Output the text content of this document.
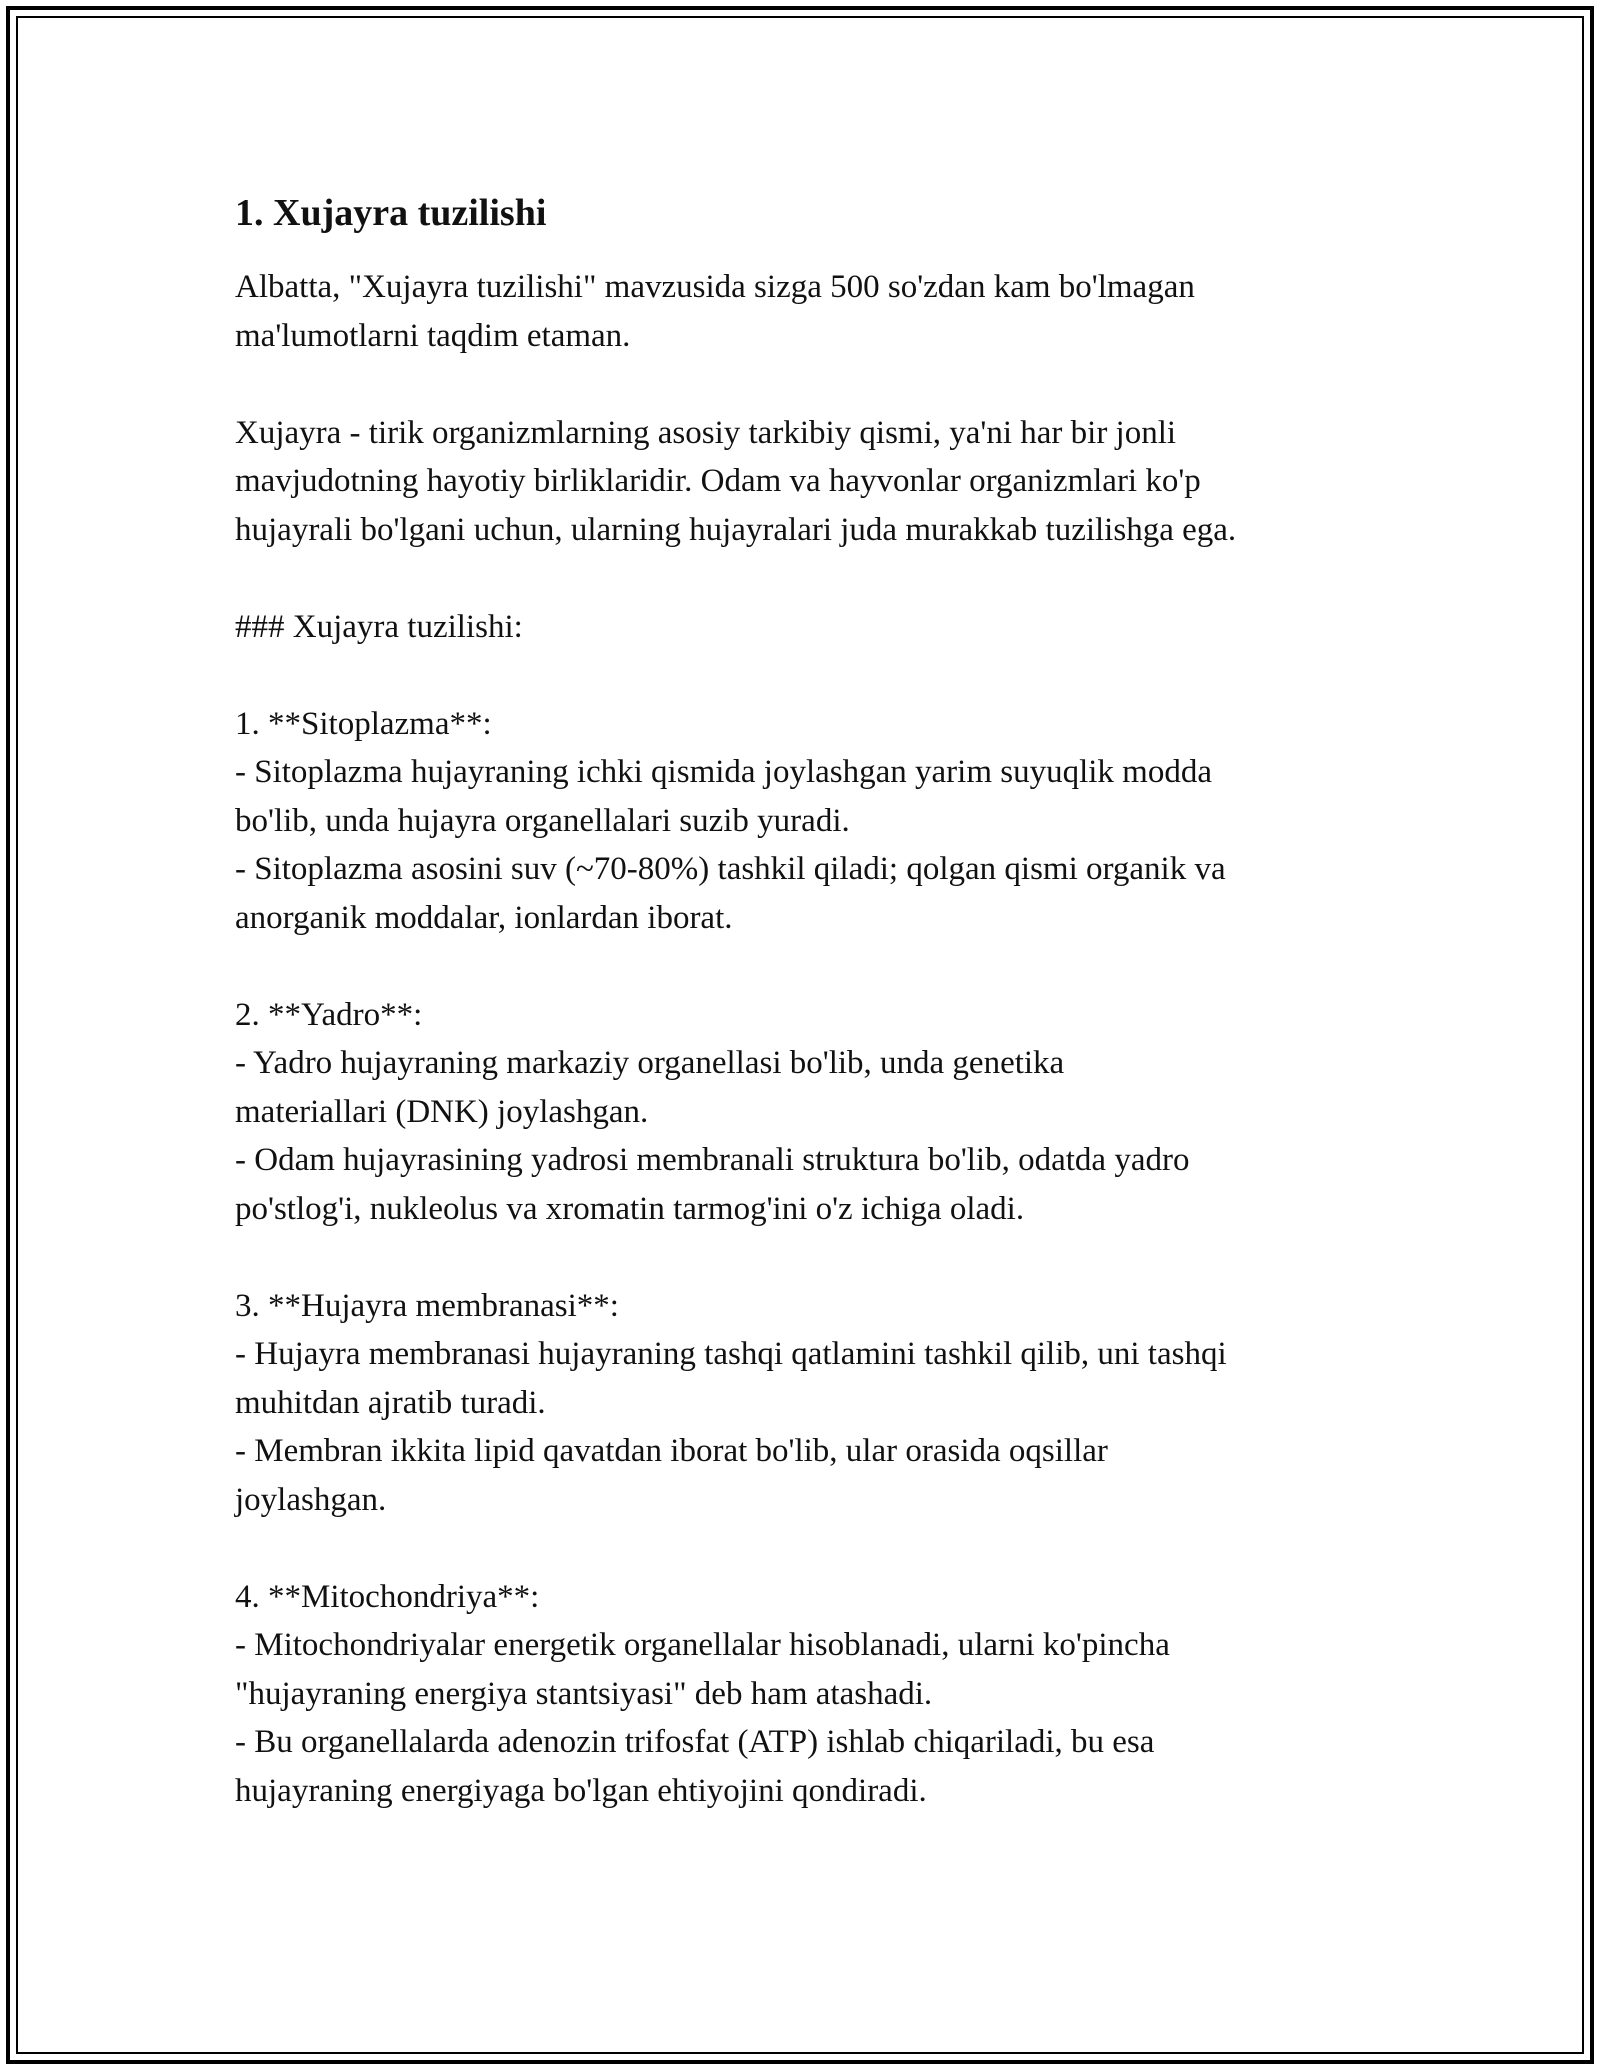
1. Xujayra tuzilishi

Albatta, "Xujayra tuzilishi" mavzusida sizga 500 so'zdan kam bo'lmagan
ma'lumotlarni taqdim etaman.

Xujayra - tirik organizmlarning asosiy tarkibiy qismi, ya'ni har bir jonli
mavjudotning hayotiy birliklaridir. Odam va hayvonlar organizmlari ko'p
hujayrali bo'lgani uchun, ularning hujayralari juda murakkab tuzilishga ega.

### Xujayra tuzilishi:

1. **Sitoplazma**:

- Sitoplazma hujayraning ichki qismida joylashgan yarim suyuqlik modda
bo'lib, unda hujayra organellalari suzib yuradi.
- Sitoplazma asosini suv (~70-80%) tashkil qiladi; qolgan qismi organik va
anorganik moddalar, ionlardan iborat.

2. **Yadro**:

- Yadro hujayraning markaziy organellasi bo'lib, unda genetika
materiallari (DNK) joylashgan.
- Odam hujayrasining yadrosi membranali struktura bo'lib, odatda yadro
po'stlog'i, nukleolus va xromatin tarmog'ini o'z ichiga oladi.

3. **Hujayra membranasi**:

- Hujayra membranasi hujayraning tashqi qatlamini tashkil qilib, uni tashqi
muhitdan ajratib turadi.
- Membran ikkita lipid qavatdan iborat bo'lib, ular orasida oqsillar
joylashgan.

4. **Mitochondriya**:

- Mitochondriyalar energetik organellalar hisoblanadi, ularni ko'pincha
"hujayraning energiya stantsiyasi" deb ham atashadi.
- Bu organellalarda adenozin trifosfat (ATP) ishlab chiqariladi, bu esa
hujayraning energiyaga bo'lgan ehtiyojini qondiradi.
